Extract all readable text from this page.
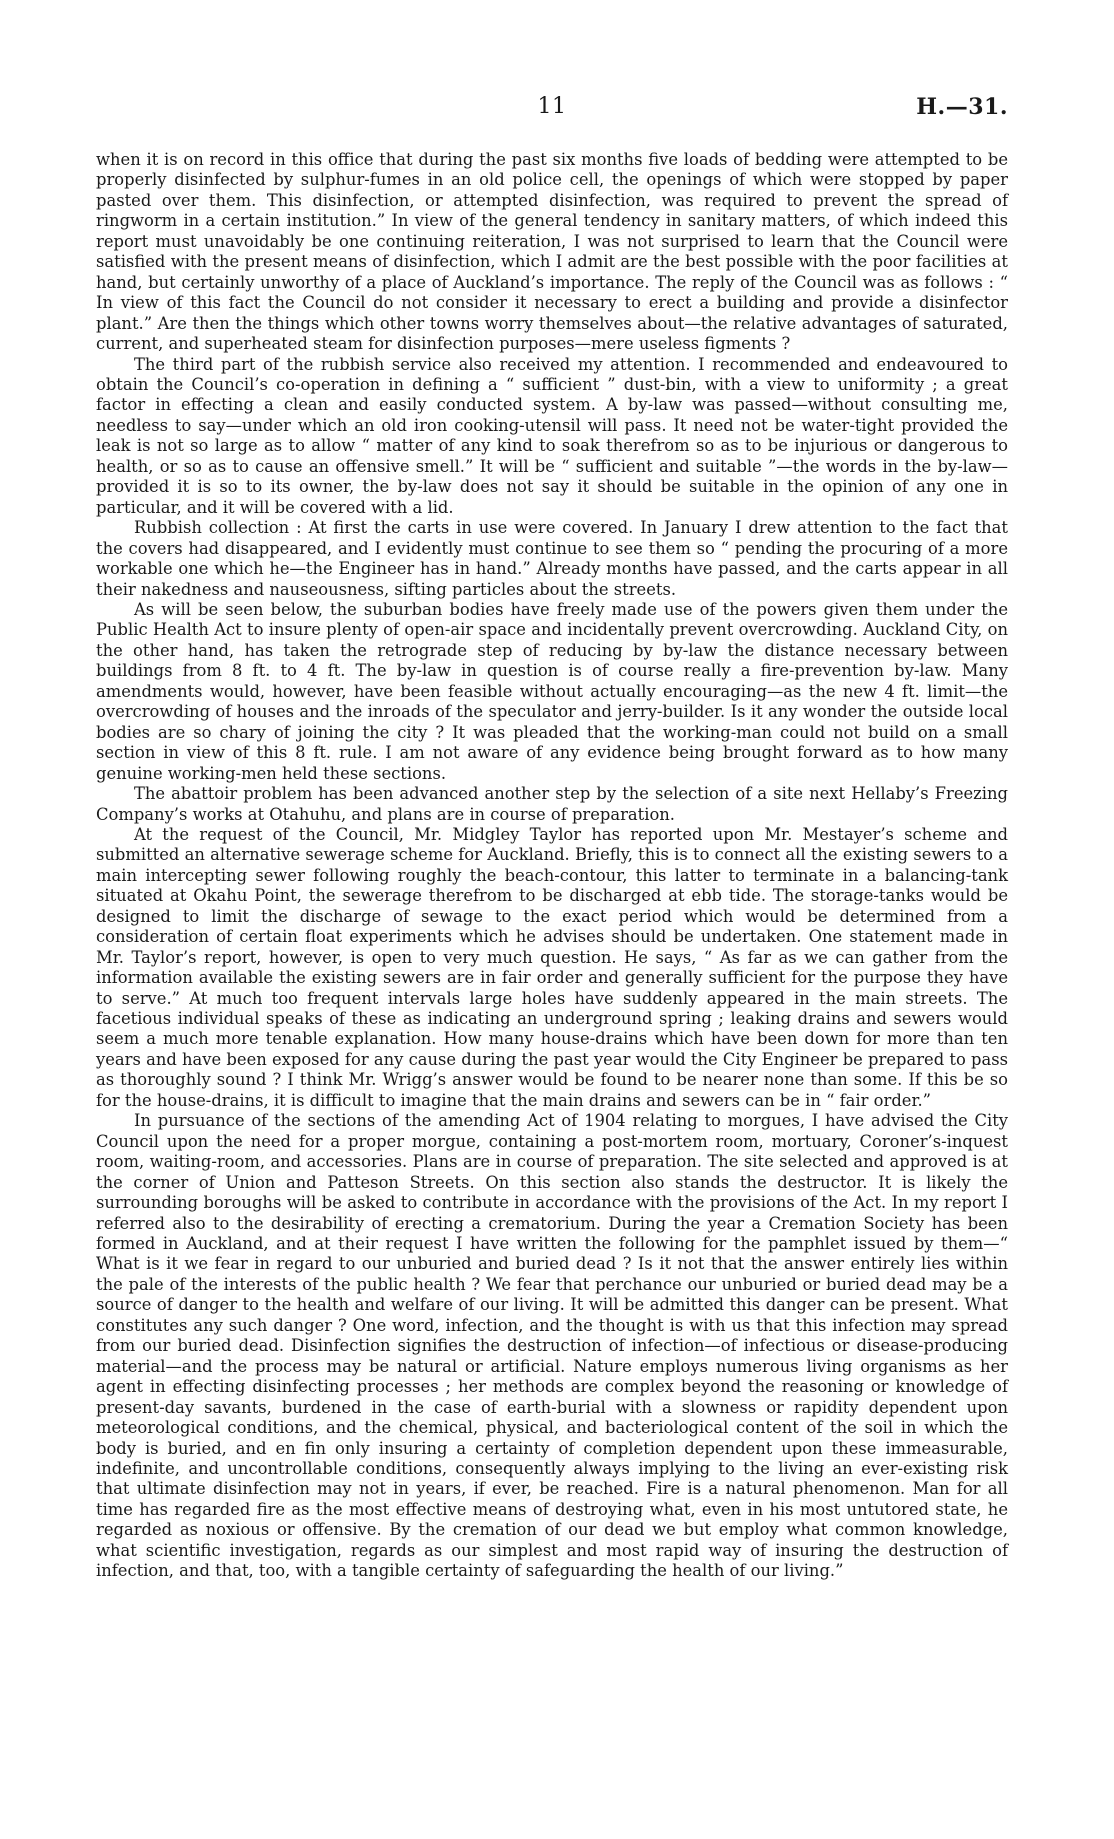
11	H.—31.

when it is on record in this office that during the past six months five loads of bedding were attempted to be properly disinfected by sulphur-fumes in an old police cell, the openings of which were stopped by paper pasted over them. This disinfection, or attempted disinfection, was required to prevent the spread of ringworm in a certain institution.” In view of the general tendency in sanitary matters, of which indeed this report must unavoidably be one continuing reiteration, I was not surprised to learn that the Council were satisfied with the present means of disinfection, which I admit are the best possible with the poor facilities at hand, but certainly unworthy of a place of Auckland’s importance. The reply of the Council was as follows : “ In view of this fact the Council do not consider it necessary to erect a building and provide a disinfector plant.” Are then the things which other towns worry themselves about—the relative advantages of saturated, current, and superheated steam for disinfection purposes—mere useless figments ?

The third part of the rubbish service also received my attention. I recommended and endeavoured to obtain the Council’s co-operation in defining a “ sufficient ” dust-bin, with a view to uniformity ; a great factor in effecting a clean and easily conducted system. A by-law was passed—without consulting me, needless to say—under which an old iron cooking-utensil will pass. It need not be water-tight provided the leak is not so large as to allow “ matter of any kind to soak therefrom so as to be injurious or dangerous to health, or so as to cause an offensive smell.” It will be “ sufficient and suitable ”—the words in the by-law—provided it is so to its owner, the by-law does not say it should be suitable in the opinion of any one in particular, and it will be covered with a lid.

Rubbish collection : At first the carts in use were covered. In January I drew attention to the fact that the covers had disappeared, and I evidently must continue to see them so “ pending the procuring of a more workable one which he—the Engineer has in hand.” Already months have passed, and the carts appear in all their nakedness and nauseousness, sifting particles about the streets.

As will be seen below, the suburban bodies have freely made use of the powers given them under the Public Health Act to insure plenty of open-air space and incidentally prevent overcrowding. Auckland City, on the other hand, has taken the retrograde step of reducing by by-law the distance necessary between buildings from 8 ft. to 4 ft. The by-law in question is of course really a fire-prevention by-law. Many amendments would, however, have been feasible without actually encouraging—as the new 4 ft. limit—the overcrowding of houses and the inroads of the speculator and jerry-builder. Is it any wonder the outside local bodies are so chary of joining the city ? It was pleaded that the working-man could not build on a small section in view of this 8 ft. rule. I am not aware of any evidence being brought forward as to how many genuine working-men held these sections.

The abattoir problem has been advanced another step by the selection of a site next Hellaby’s Freezing Company’s works at Otahuhu, and plans are in course of preparation.

At the request of the Council, Mr. Midgley Taylor has reported upon Mr. Mestayer’s scheme and submitted an alternative sewerage scheme for Auckland. Briefly, this is to connect all the existing sewers to a main intercepting sewer following roughly the beach-contour, this latter to terminate in a balancing-tank situated at Okahu Point, the sewerage therefrom to be discharged at ebb tide. The storage-tanks would be designed to limit the discharge of sewage to the exact period which would be determined from a consideration of certain float experiments which he advises should be undertaken. One statement made in Mr. Taylor’s report, however, is open to very much question. He says, “ As far as we can gather from the information available the existing sewers are in fair order and generally sufficient for the purpose they have to serve.” At much too frequent intervals large holes have suddenly appeared in the main streets. The facetious individual speaks of these as indicating an underground spring ; leaking drains and sewers would seem a much more tenable explanation. How many house-drains which have been down for more than ten years and have been exposed for any cause during the past year would the City Engineer be prepared to pass as thoroughly sound ? I think Mr. Wrigg’s answer would be found to be nearer none than some. If this be so for the house-drains, it is difficult to imagine that the main drains and sewers can be in “ fair order.”

In pursuance of the sections of the amending Act of 1904 relating to morgues, I have advised the City Council upon the need for a proper morgue, containing a post-mortem room, mortuary, Coroner’s-inquest room, waiting-room, and accessories. Plans are in course of preparation. The site selected and approved is at the corner of Union and Patteson Streets. On this section also stands the destructor. It is likely the surrounding boroughs will be asked to contribute in accordance with the provisions of the Act. In my report I referred also to the desirability of erecting a crematorium. During the year a Cremation Society has been formed in Auckland, and at their request I have written the following for the pamphlet issued by them—“ What is it we fear in regard to our unburied and buried dead ? Is it not that the answer entirely lies within the pale of the interests of the public health ? We fear that perchance our unburied or buried dead may be a source of danger to the health and welfare of our living. It will be admitted this danger can be present. What constitutes any such danger ? One word, infection, and the thought is with us that this infection may spread from our buried dead. Disinfection signifies the destruction of infection—of infectious or disease-producing material—and the process may be natural or artificial. Nature employs numerous living organisms as her agent in effecting disinfecting processes ; her methods are complex beyond the reasoning or knowledge of present-day savants, burdened in the case of earth-burial with a slowness or rapidity dependent upon meteorological conditions, and the chemical, physical, and bacteriological content of the soil in which the body is buried, and en fin only insuring a certainty of completion dependent upon these immeasurable, indefinite, and uncontrollable conditions, consequently always implying to the living an ever-existing risk that ultimate disinfection may not in years, if ever, be reached. Fire is a natural phenomenon. Man for all time has regarded fire as the most effective means of destroying what, even in his most untutored state, he regarded as noxious or offensive. By the cremation of our dead we but employ what common knowledge, what scientific investigation, regards as our simplest and most rapid way of insuring the destruction of infection, and that, too, with a tangible certainty of safeguarding the health of our living.”
